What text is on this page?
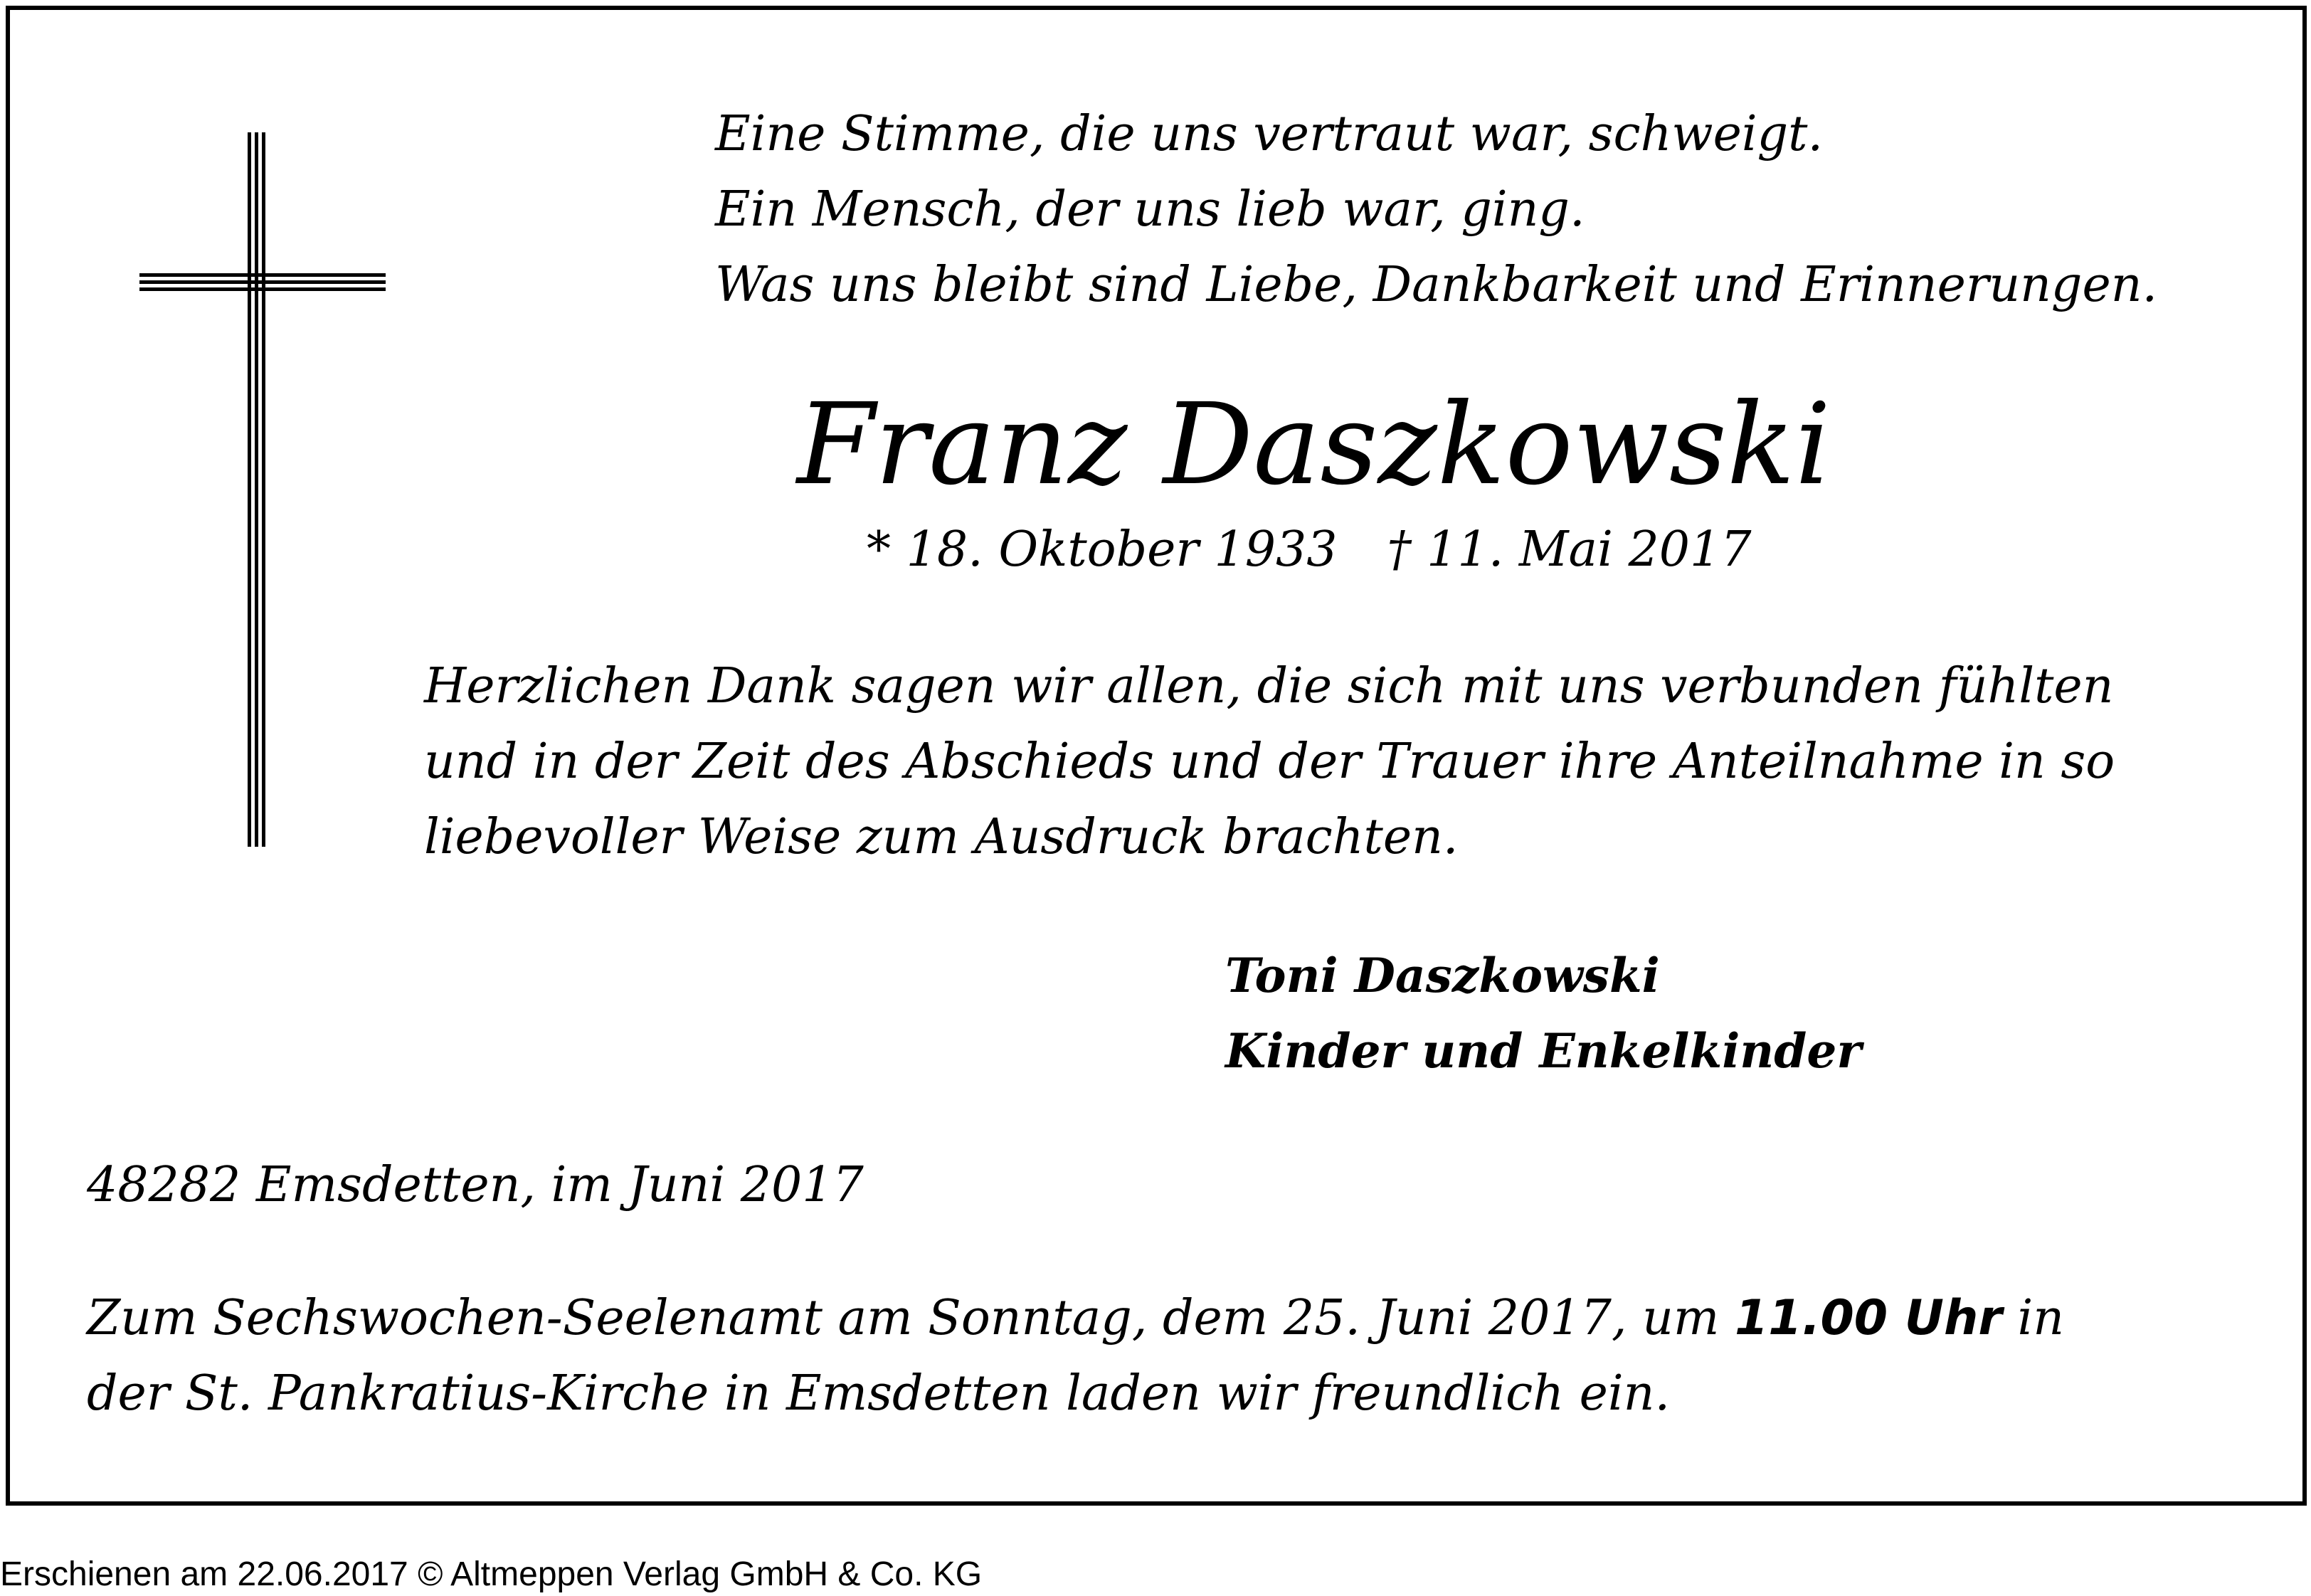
Eine Stimme, die uns vertraut war, schweigt.
Ein Mensch, der uns lieb war, ging.
Was uns bleibt sind Liebe, Dankbarkeit und Erinnerungen.
Franz Daszkowski
* 18. Oktober 1933 † 11. Mai 2017
Herzlichen Dank sagen wir allen, die sich mit uns verbunden fühlten
und in der Zeit des Abschieds und der Trauer ihre Anteilnahme in so
liebevoller Weise zum Ausdruck brachten.
Toni Daszkowski
Kinder und Enkelkinder
48282 Emsdetten, im Juni 2017
Zum Sechswochen-Seelenamt am Sonntag, dem 25. Juni 2017, um 11.00 Uhr in
der St. Pankratius-Kirche in Emsdetten laden wir freundlich ein.
Erschienen am 22.06.2017 © Altmeppen Verlag GmbH & Co. KG
